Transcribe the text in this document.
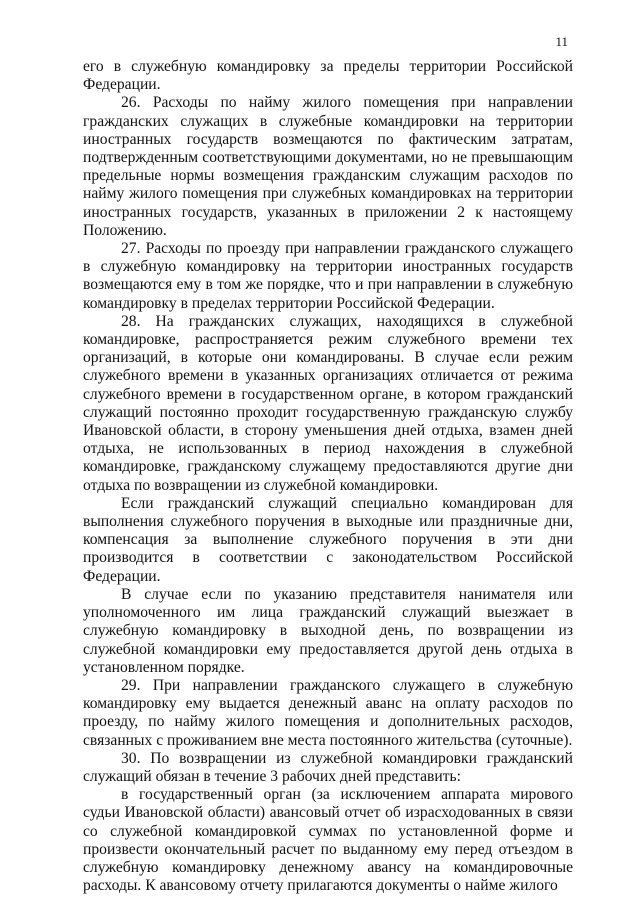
11

его в служебную командировку за пределы территории Российской Федерации.

26. Расходы по найму жилого помещения при направлении гражданских служащих в служебные командировки на территории иностранных государств возмещаются по фактическим затратам, подтвержденным соответствующими документами, но не превышающим предельные нормы возмещения гражданским служащим расходов по найму жилого помещения при служебных командировках на территории иностранных государств, указанных в приложении 2 к настоящему Положению.

27. Расходы по проезду при направлении гражданского служащего в служебную командировку на территории иностранных государств возмещаются ему в том же порядке, что и при направлении в служебную командировку в пределах территории Российской Федерации.

28. На гражданских служащих, находящихся в служебной командировке, распространяется режим служебного времени тех организаций, в которые они командированы. В случае если режим служебного времени в указанных организациях отличается от режима служебного времени в государственном органе, в котором гражданский служащий постоянно проходит государственную гражданскую службу Ивановской области, в сторону уменьшения дней отдыха, взамен дней отдыха, не использованных в период нахождения в служебной командировке, гражданскому служащему предоставляются другие дни отдыха по возвращении из служебной командировки.

Если гражданский служащий специально командирован для выполнения служебного поручения в выходные или праздничные дни, компенсация за выполнение служебного поручения в эти дни производится в соответствии с законодательством Российской Федерации.

В случае если по указанию представителя нанимателя или уполномоченного им лица гражданский служащий выезжает в служебную командировку в выходной день, по возвращении из служебной командировки ему предоставляется другой день отдыха в установленном порядке.

29. При направлении гражданского служащего в служебную командировку ему выдается денежный аванс на оплату расходов по проезду, по найму жилого помещения и дополнительных расходов, связанных с проживанием вне места постоянного жительства (суточные).

30. По возвращении из служебной командировки гражданский служащий обязан в течение 3 рабочих дней представить:

в государственный орган (за исключением аппарата мирового судьи Ивановской области) авансовый отчет об израсходованных в связи со служебной командировкой суммах по установленной форме и произвести окончательный расчет по выданному ему перед отъездом в служебную командировку денежному авансу на командировочные расходы. К авансовому отчету прилагаются документы о найме жилого
